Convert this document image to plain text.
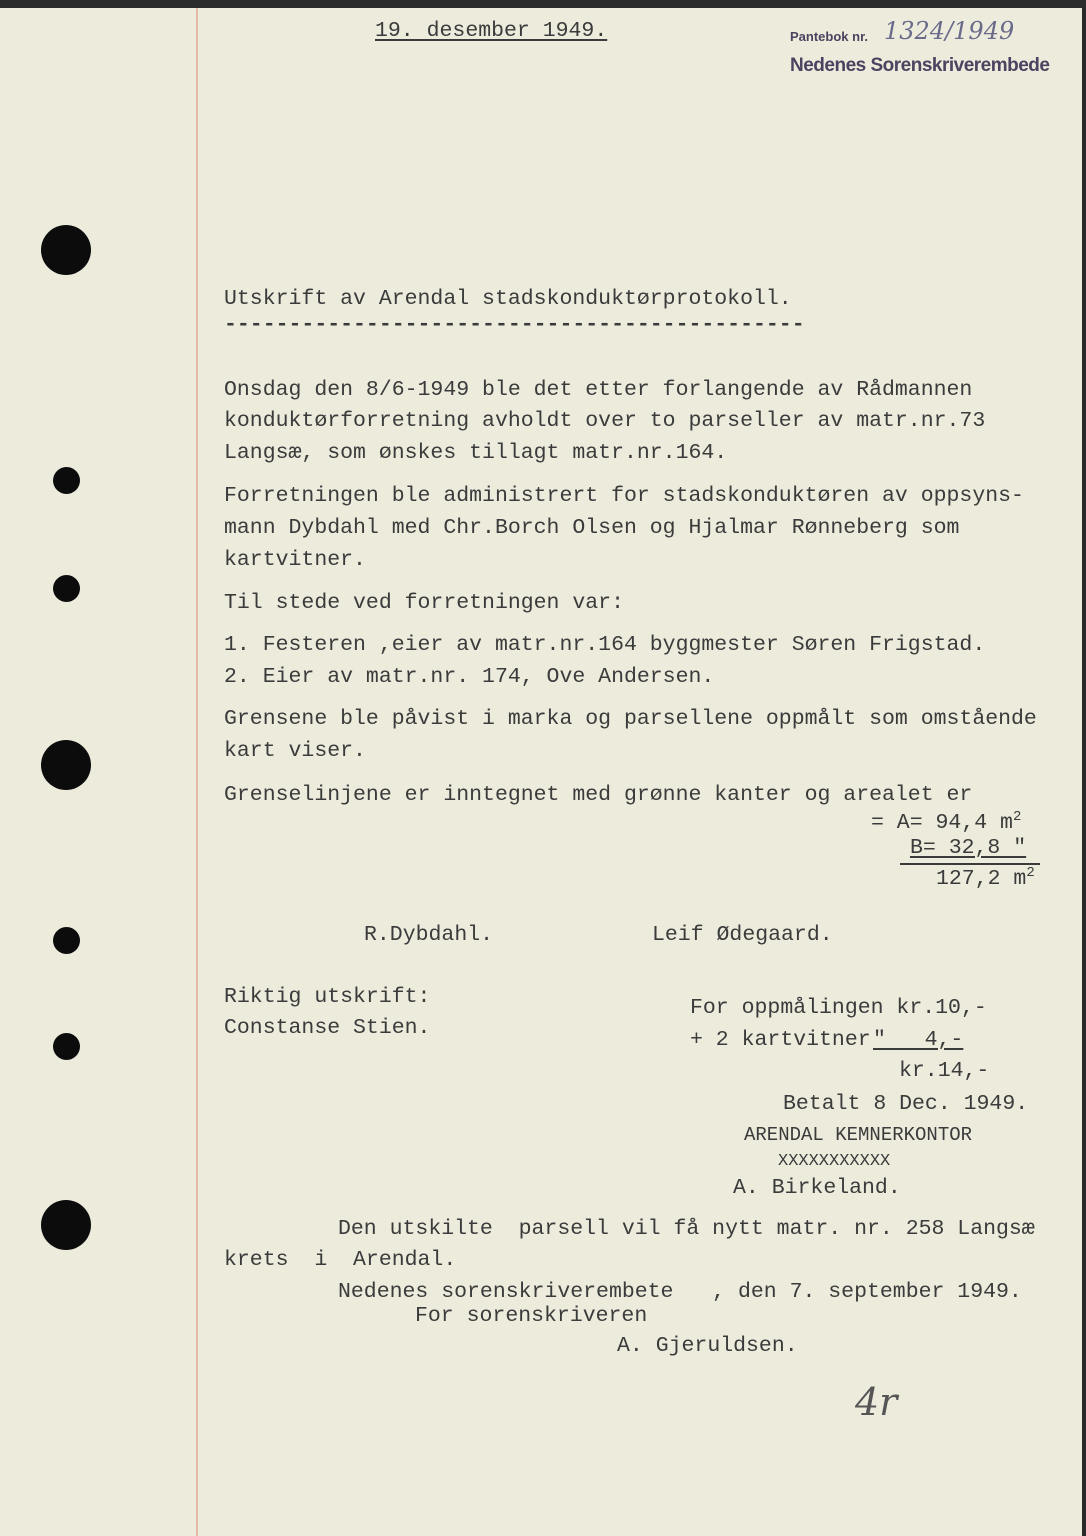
19. desember 1949.	Pantebok nr. 1324/1949
Nedenes Sorenskriverembede
Utskrift av Arendal stadskonduktørprotokoll.
---------------------------------------------
Onsdag den 8/6-1949 ble det etter forlangende av Rådmannen
konduktørforretning avholdt over to parseller av matr.nr.73
Langsæ, som ønskes tillagt matr.nr.164.
Forretningen ble administrert for stadskonduktøren av oppsyns-
mann Dybdahl med Chr.Borch Olsen og Hjalmar Rønneberg som
kartvitner.
Til stede ved forretningen var:
1. Festeren ,eier av matr.nr.164 byggmester Søren Frigstad.
2. Eier av matr.nr. 174, Ove Andersen.
Grensene ble påvist i marka og parsellene oppmålt som omstående
kart viser.
Grenselinjene er inntegnet med grønne kanter og arealet er
= A= 94,4 $m^2$
B= 32,8 "
127,2 $m^2$
R.Dybdahl.	Leif Ødegaard.
Riktig utskrift:
Constanse Stien.
For oppmålingen kr.10,-
+ 2 kartvitner "   4,-
kr.14,-
Betalt 8 Dec. 1949.
ARENDAL KEMNERKONTOR
XXXXXXXXXXX
A. Birkeland.
Den utskilte  parsell vil få nytt matr. nr. 258 Langsæ
krets  i  Arendal.
Nedenes sorenskriverembete   , den 7. september 1949.
For sorenskriveren
A. Gjeruldsen.
4r
